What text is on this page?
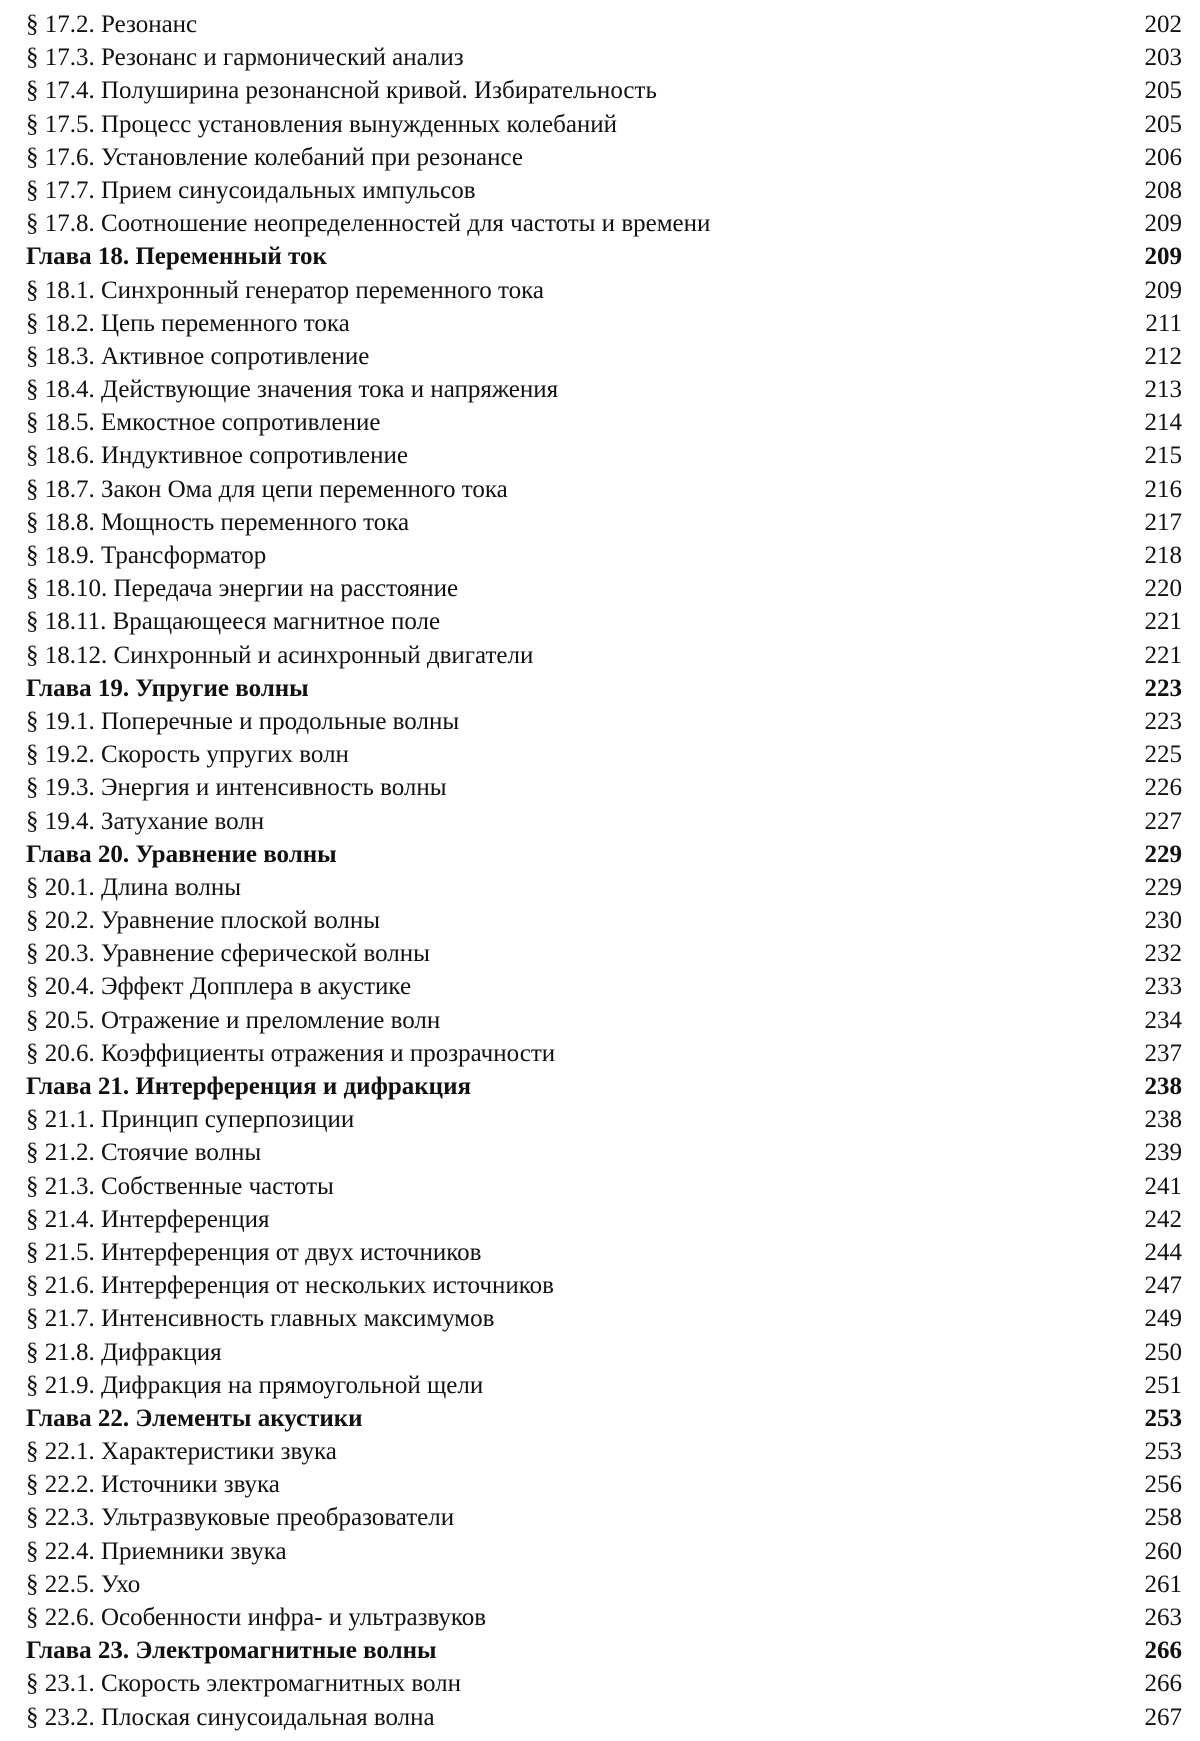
§ 17.2. Резонанс	202
§ 17.3. Резонанс и гармонический анализ	203
§ 17.4. Полуширина резонансной кривой. Избирательность	205
§ 17.5. Процесс установления вынужденных колебаний	205
§ 17.6. Установление колебаний при резонансе	206
§ 17.7. Прием синусоидальных импульсов	208
§ 17.8. Соотношение неопределенностей для частоты и времени	209
Глава 18. Переменный ток	209
§ 18.1. Синхронный генератор переменного тока	209
§ 18.2. Цепь переменного тока	211
§ 18.3. Активное сопротивление	212
§ 18.4. Действующие значения тока и напряжения	213
§ 18.5. Емкостное сопротивление	214
§ 18.6. Индуктивное сопротивление	215
§ 18.7. Закон Ома для цепи переменного тока	216
§ 18.8. Мощность переменного тока	217
§ 18.9. Трансформатор	218
§ 18.10. Передача энергии на расстояние	220
§ 18.11. Вращающееся магнитное поле	221
§ 18.12. Синхронный и асинхронный двигатели	221
Глава 19. Упругие волны	223
§ 19.1. Поперечные и продольные волны	223
§ 19.2. Скорость упругих волн	225
§ 19.3. Энергия и интенсивность волны	226
§ 19.4. Затухание волн	227
Глава 20. Уравнение волны	229
§ 20.1. Длина волны	229
§ 20.2. Уравнение плоской волны	230
§ 20.3. Уравнение сферической волны	232
§ 20.4. Эффект Допплера в акустике	233
§ 20.5. Отражение и преломление волн	234
§ 20.6. Коэффициенты отражения и прозрачности	237
Глава 21. Интерференция и дифракция	238
§ 21.1. Принцип суперпозиции	238
§ 21.2. Стоячие волны	239
§ 21.3. Собственные частоты	241
§ 21.4. Интерференция	242
§ 21.5. Интерференция от двух источников	244
§ 21.6. Интерференция от нескольких источников	247
§ 21.7. Интенсивность главных максимумов	249
§ 21.8. Дифракция	250
§ 21.9. Дифракция на прямоугольной щели	251
Глава 22. Элементы акустики	253
§ 22.1. Характеристики звука	253
§ 22.2. Источники звука	256
§ 22.3. Ультразвуковые преобразователи	258
§ 22.4. Приемники звука	260
§ 22.5. Ухо	261
§ 22.6. Особенности инфра- и ультразвуков	263
Глава 23. Электромагнитные волны	266
§ 23.1. Скорость электромагнитных волн	266
§ 23.2. Плоская синусоидальная волна	267
